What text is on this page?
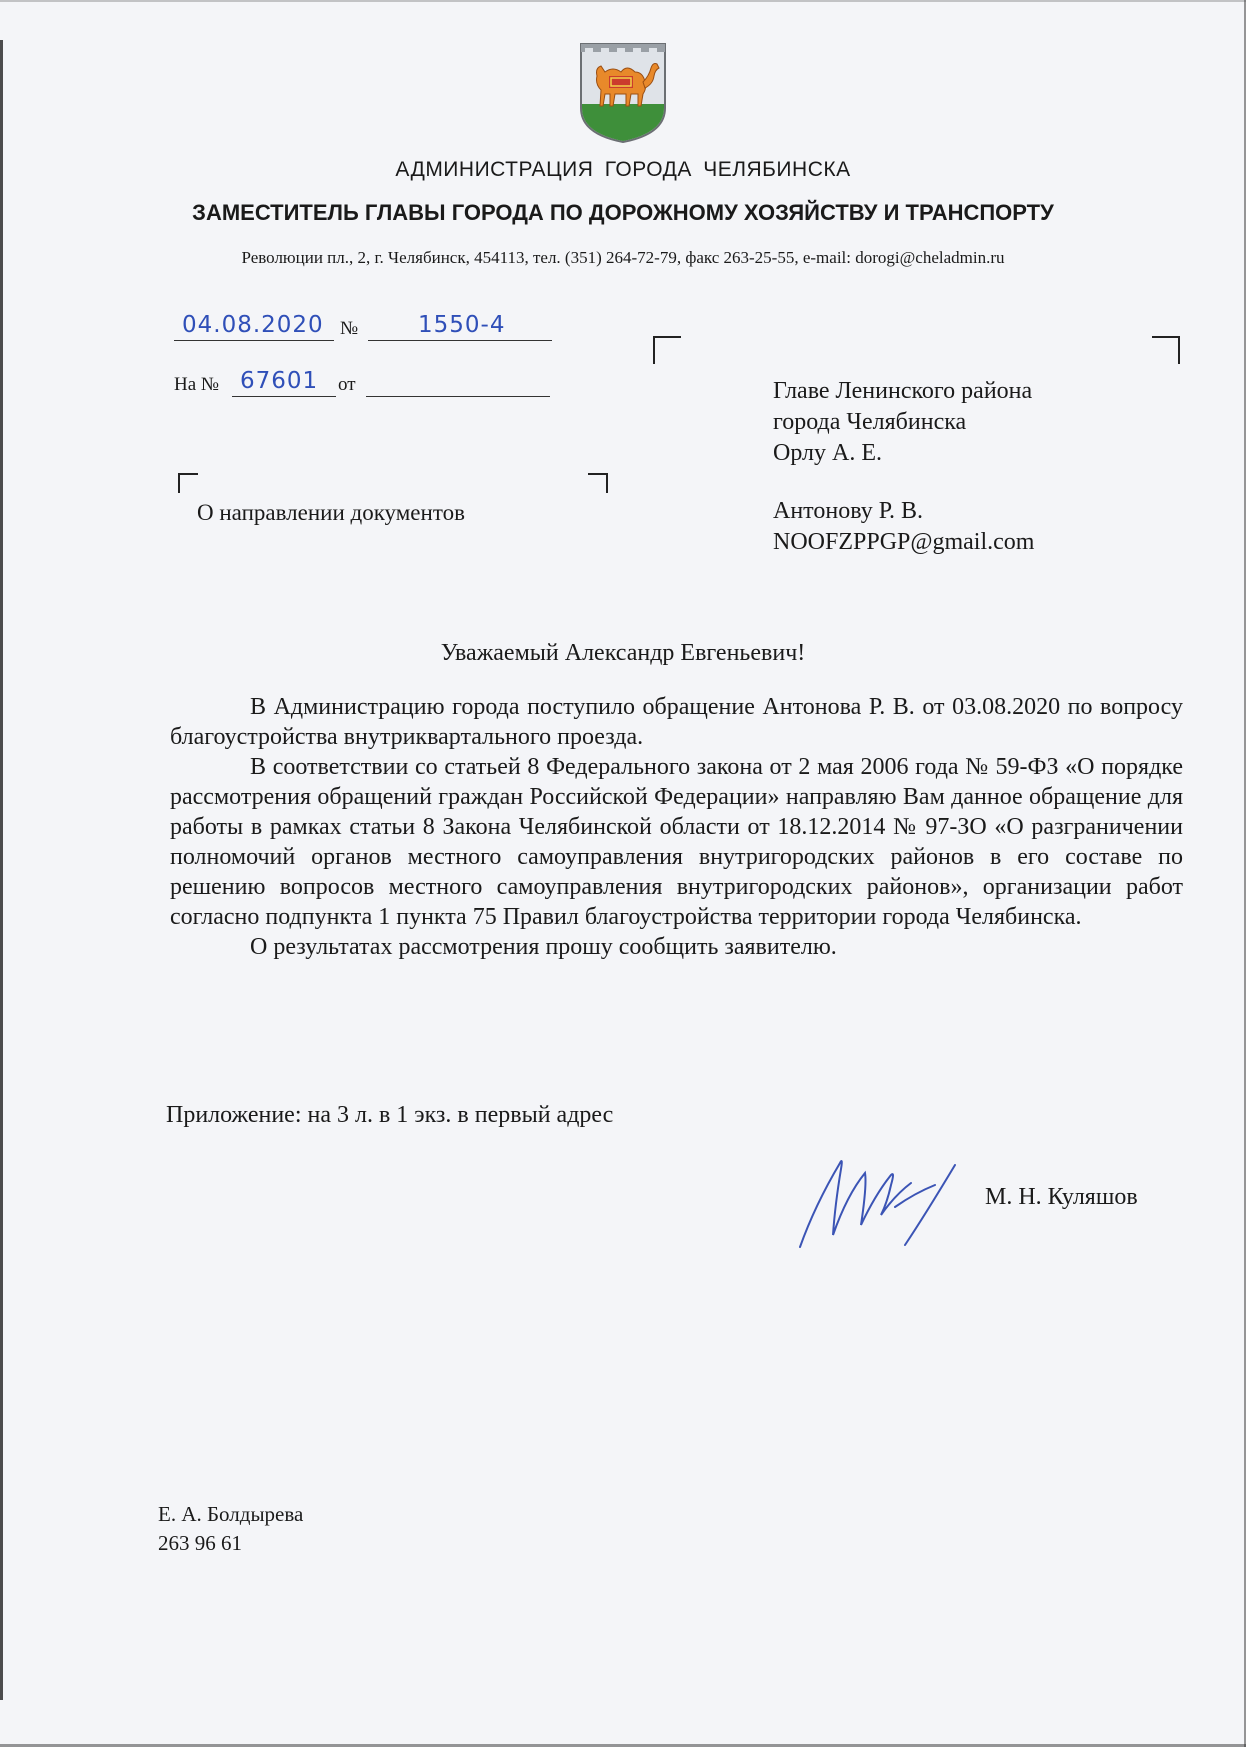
АДМИНИСТРАЦИЯ ГОРОДА ЧЕЛЯБИНСКА
ЗАМЕСТИТЕЛЬ ГЛАВЫ ГОРОДА ПО ДОРОЖНОМУ ХОЗЯЙСТВУ И ТРАНСПОРТУ
Революции пл., 2, г. Челябинск, 454113, тел. (351) 264-72-79, факс 263-25-55, e-mail: dorogi@cheladmin.ru
04.08.2020 №	1550-4
На № 67601 от
О направлении документов
Главе Ленинского района
города Челябинска
Орлу А. Е.
Антонову Р. В.
NOOFZPPGP@gmail.com
Уважаемый Александр Евгеньевич!

В Администрацию города поступило обращение Антонова Р. В. от 03.08.2020 по вопросу благоустройства внутриквартального проезда.

В соответствии со статьей 8 Федерального закона от 2 мая 2006 года № 59-ФЗ «О порядке рассмотрения обращений граждан Российской Федерации» направляю Вам данное обращение для работы в рамках статьи 8 Закона Челябинской области от 18.12.2014 № 97-ЗО «О разграничении полномочий органов местного самоуправления внутригородских районов в его составе по решению вопросов местного самоуправления внутригородских районов», организации работ согласно подпункта 1 пункта 75 Правил благоустройства территории города Челябинска.

О результатах рассмотрения прошу сообщить заявителю.

Приложение: на 3 л. в 1 экз. в первый адрес
М. Н. Куляшов
Е. А. Болдырева
263 96 61
